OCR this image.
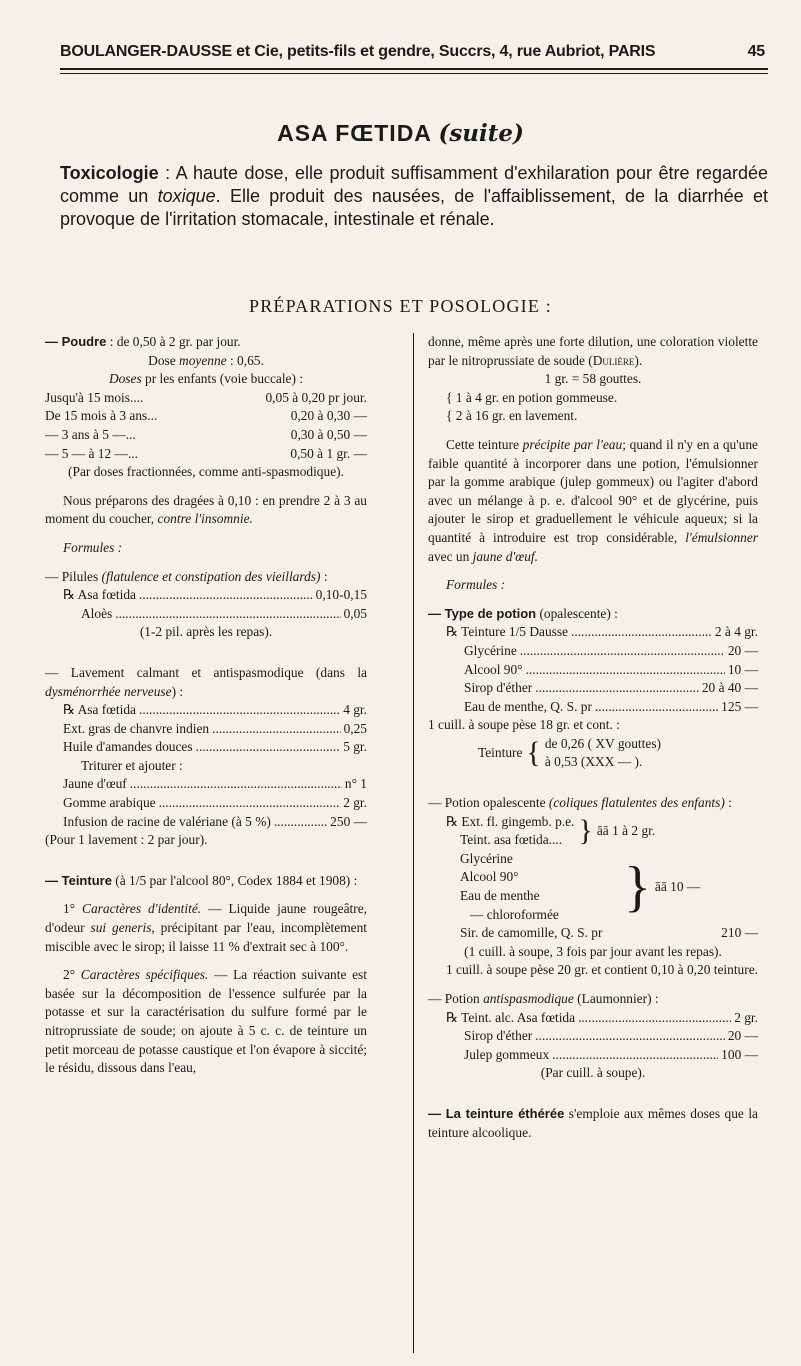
BOULANGER-DAUSSE et Cie, petits-fils et gendre, Succrs, 4, rue Aubriot, PARIS	45
ASA FŒTIDA (suite)
Toxicologie : A haute dose, elle produit suffisamment d'exhilaration pour être regardée comme un toxique. Elle produit des nausées, de l'affaiblissement, de la diarrhée et provoque de l'irritation stomacale, intestinale et rénale.
PRÉPARATIONS ET POSOLOGIE :

— Poudre : de 0,50 à 2 gr. par jour.

Dose moyenne : 0,65.

Doses pr les enfants (voie buccale) :

Jusqu'à 15 mois....	0,05 à 0,20 pr jour.
De 15 mois à 3 ans...	0,20 à 0,30 —
— 3 ans à 5 —...	0,30 à 0,50 —
— 5 — à 12 —...	0,50 à 1 gr. —

(Par doses fractionnées, comme anti-spasmodique).

Nous préparons des dragées à 0,10 : en prendre 2 à 3 au moment du coucher, contre l'insomnie.

Formules :

— Pilules (flatulence et constipation des vieillards) :

℞ Asa fœtida .....	0,10-0,15
Aloès .....	0,05

(1-2 pil. après les repas).

— Lavement calmant et antispasmodique (dans la dysménorrhée nerveuse) :

℞ Asa fœtida .....	4 gr.
Ext. gras de chanvre indien .....	0,25
Huile d'amandes douces .....	5 gr.

Triturer et ajouter :

Jaune d'œuf .....	n° 1
Gomme arabique .....	2 gr.
Infusion de racine de valériane (à 5 %) .....	250 —

(Pour 1 lavement : 2 par jour).

— Teinture (à 1/5 par l'alcool 80°, Codex 1884 et 1908) :

1° Caractères d'identité. — Liquide jaune rougeâtre, d'odeur sui generis, précipitant par l'eau, incomplètement miscible avec le sirop; il laisse 11 % d'extrait sec à 100°.

2° Caractères spécifiques. — La réaction suivante est basée sur la décomposition de l'essence sulfurée par la potasse et sur la caractérisation du sulfure formé par le nitroprussiate de soude; on ajoute à 5 c. c. de teinture un petit morceau de potasse caustique et l'on évapore à siccité; le résidu, dissous dans l'eau,

donne, même après une forte dilution, une coloration violette par le nitroprussiate de soude (Dulière).

1 gr. = 58 gouttes.

{ 1 à 4 gr. en potion gommeuse.

{ 2 à 16 gr. en lavement.

Cette teinture précipite par l'eau; quand il n'y en a qu'une faible quantité à incorporer dans une potion, l'émulsionner par la gomme arabique (julep gommeux) ou l'agiter d'abord avec un mélange à p. e. d'alcool 90° et de glycérine, puis ajouter le sirop et graduellement le véhicule aqueux; si la quantité à introduire est trop considérable, l'émulsionner avec un jaune d'œuf.

Formules :

— Type de potion (opalescente) :

℞ Teinture 1/5 Dausse .....	2 à 4 gr.
Glycérine .....	20 —
Alcool 90° .....	10 —
Sirop d'éther .....	20 à 40 —
Eau de menthe, Q. S. pr .....	125 —

1 cuill. à soupe pèse 18 gr. et cont. :

Teinture { de 0,26 ( XV gouttes)
à 0,53 (XXX — ).

— Potion opalescente (coliques flatulentes des enfants) :

℞ Ext. fl. gingemb. p.e.
Teint. asa fœtida.... } āā 1 à 2 gr.
Glycérine
Alcool 90°
Eau de menthe
— chloroformée	} āā 10 —
Sir. de camomille, Q. S. pr	210 —

(1 cuill. à soupe, 3 fois par jour avant les repas).

1 cuill. à soupe pèse 20 gr. et contient 0,10 à 0,20 teinture.

— Potion antispasmodique (Laumonnier) :

℞ Teint. alc. Asa fœtida .....	2 gr.
Sirop d'éther .....	20 —
Julep gommeux .....	100 —

(Par cuill. à soupe).

— La teinture éthérée s'emploie aux mêmes doses que la teinture alcoolique.
